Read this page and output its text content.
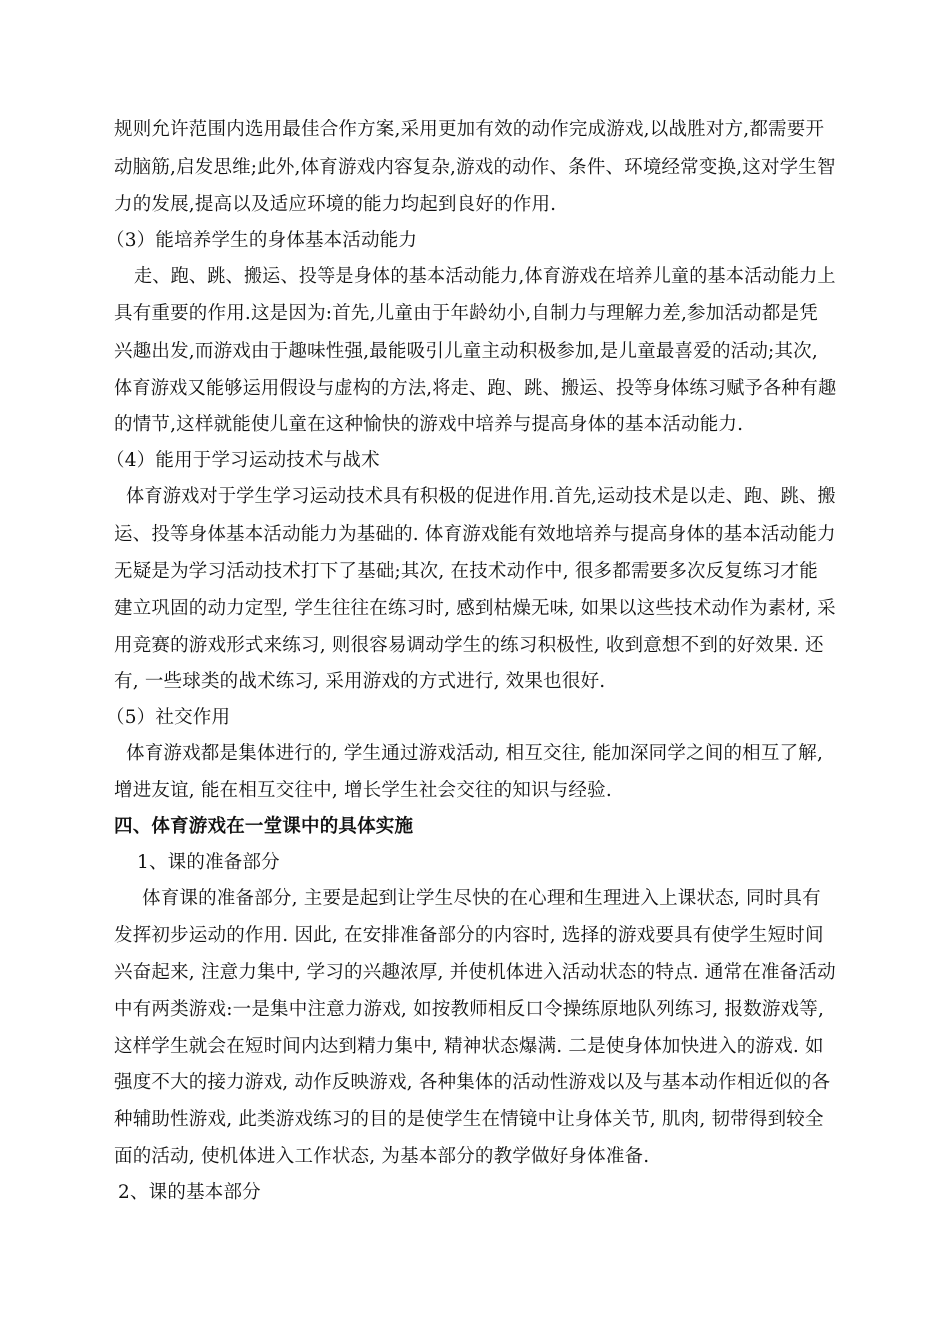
规则允许范围内选用最佳合作方案,采用更加有效的动作完成游戏,以战胜对方,都需要开
动脑筋,启发思维;此外,体育游戏内容复杂,游戏的动作、条件、环境经常变换,这对学生智
力的发展,提高以及适应环境的能力均起到良好的作用.
（3）能培养学生的身体基本活动能力
走、跑、跳、搬运、投等是身体的基本活动能力,体育游戏在培养儿童的基本活动能力上
具有重要的作用.这是因为:首先,儿童由于年龄幼小,自制力与理解力差,参加活动都是凭
兴趣出发,而游戏由于趣味性强,最能吸引儿童主动积极参加,是儿童最喜爱的活动;其次,
体育游戏又能够运用假设与虚构的方法,将走、跑、跳、搬运、投等身体练习赋予各种有趣
的情节,这样就能使儿童在这种愉快的游戏中培养与提高身体的基本活动能力.
（4）能用于学习运动技术与战术
体育游戏对于学生学习运动技术具有积极的促进作用.首先,运动技术是以走、跑、跳、搬
运、投等身体基本活动能力为基础的. 体育游戏能有效地培养与提高身体的基本活动能力
无疑是为学习活动技术打下了基础;其次, 在技术动作中, 很多都需要多次反复练习才能
建立巩固的动力定型, 学生往往在练习时, 感到枯燥无味, 如果以这些技术动作为素材, 采
用竞赛的游戏形式来练习, 则很容易调动学生的练习积极性, 收到意想不到的好效果. 还
有, 一些球类的战术练习, 采用游戏的方式进行, 效果也很好.
（5）社交作用
体育游戏都是集体进行的, 学生通过游戏活动, 相互交往, 能加深同学之间的相互了解,
增进友谊, 能在相互交往中, 增长学生社会交往的知识与经验.
四、体育游戏在一堂课中的具体实施
1、课的准备部分
体育课的准备部分, 主要是起到让学生尽快的在心理和生理进入上课状态, 同时具有
发挥初步运动的作用. 因此, 在安排准备部分的内容时, 选择的游戏要具有使学生短时间
兴奋起来, 注意力集中, 学习的兴趣浓厚, 并使机体进入活动状态的特点. 通常在准备活动
中有两类游戏:一是集中注意力游戏, 如按教师相反口令操练原地队列练习, 报数游戏等,
这样学生就会在短时间内达到精力集中, 精神状态爆满. 二是使身体加快进入的游戏. 如
强度不大的接力游戏, 动作反映游戏, 各种集体的活动性游戏以及与基本动作相近似的各
种辅助性游戏, 此类游戏练习的目的是使学生在情镜中让身体关节, 肌肉, 韧带得到较全
面的活动, 使机体进入工作状态, 为基本部分的教学做好身体准备.
2、课的基本部分
